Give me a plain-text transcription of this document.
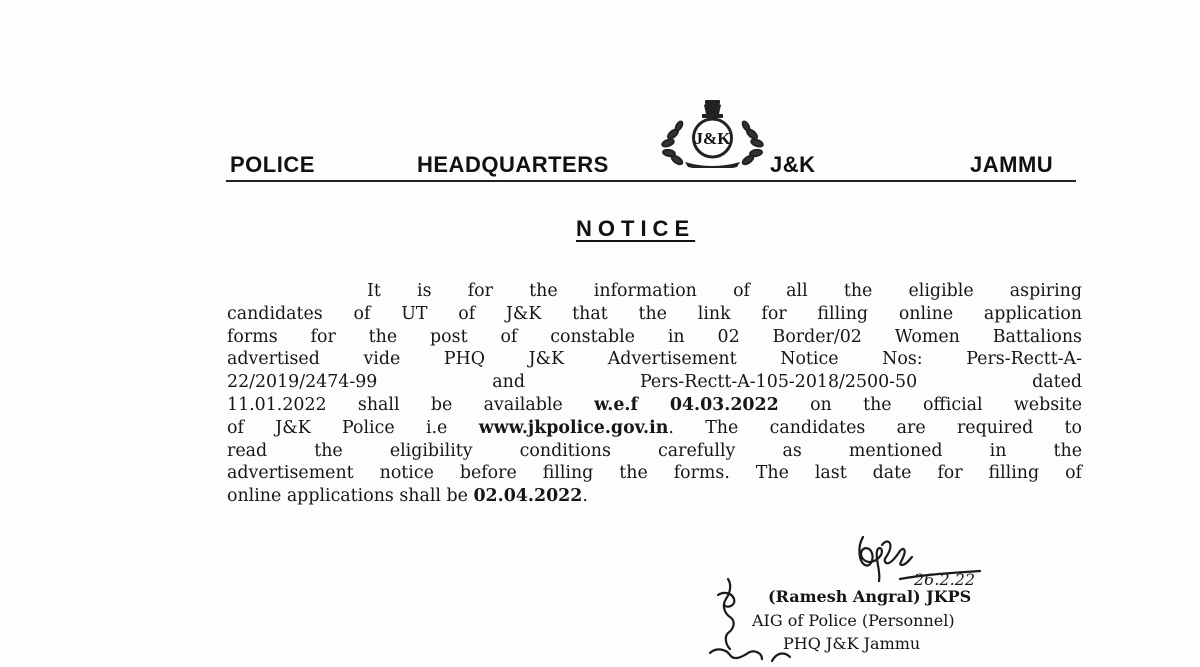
J&K
POLICE	HEADQUARTERS	J&K	JAMMU
NOTICE
It is for the information of all the eligible aspiring
candidates of UT of J&K that the link for filling online application
forms for the post of constable in 02 Border/02 Women Battalions
advertised vide PHQ J&K Advertisement Notice Nos: Pers-Rectt-A-
22/2019/2474-99 and Pers-Rectt-A-105-2018/2500-50 dated
11.01.2022 shall be available w.e.f 04.03.2022 on the official website
of J&K Police i.e www.jkpolice.gov.in. The candidates are required to
read the eligibility conditions carefully as mentioned in the
advertisement notice before filling the forms. The last date for filling of
online applications shall be 02.04.2022.
26.2.22
(Ramesh Angral) JKPS
AIG of Police (Personnel)
PHQ J&K Jammu
